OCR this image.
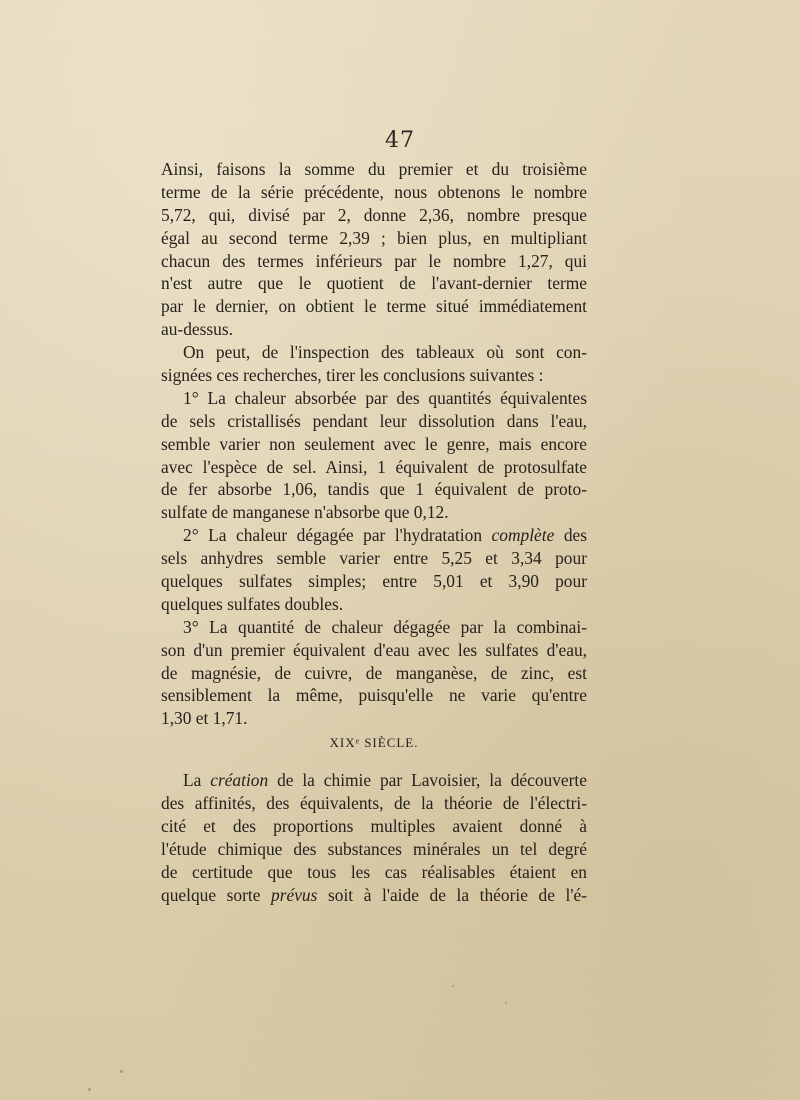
47
Ainsi, faisons la somme du premier et du troisième
terme de la série précédente, nous obtenons le nombre
5,72, qui, divisé par 2, donne 2,36, nombre presque
égal au second terme 2,39 ; bien plus, en multipliant
chacun des termes inférieurs par le nombre 1,27, qui
n'est autre que le quotient de l'avant-dernier terme
par le dernier, on obtient le terme situé immédiatement
au-dessus.
On peut, de l'inspection des tableaux où sont con-
signées ces recherches, tirer les conclusions suivantes :
1° La chaleur absorbée par des quantités équivalentes
de sels cristallisés pendant leur dissolution dans l'eau,
semble varier non seulement avec le genre, mais encore
avec l'espèce de sel. Ainsi, 1 équivalent de protosulfate
de fer absorbe 1,06, tandis que 1 équivalent de proto-
sulfate de manganese n'absorbe que 0,12.
2° La chaleur dégagée par l'hydratation complète des
sels anhydres semble varier entre 5,25 et 3,34 pour
quelques sulfates simples; entre 5,01 et 3,90 pour
quelques sulfates doubles.
3° La quantité de chaleur dégagée par la combinai-
son d'un premier équivalent d'eau avec les sulfates d'eau,
de magnésie, de cuivre, de manganèse, de zinc, est
sensiblement la même, puisqu'elle ne varie qu'entre
1,30 et 1,71.
XIXᵉ SIÈCLE.
La création de la chimie par Lavoisier, la découverte
des affinités, des équivalents, de la théorie de l'électri-
cité et des proportions multiples avaient donné à
l'étude chimique des substances minérales un tel degré
de certitude que tous les cas réalisables étaient en
quelque sorte prévus soit à l'aide de la théorie de l'é-
